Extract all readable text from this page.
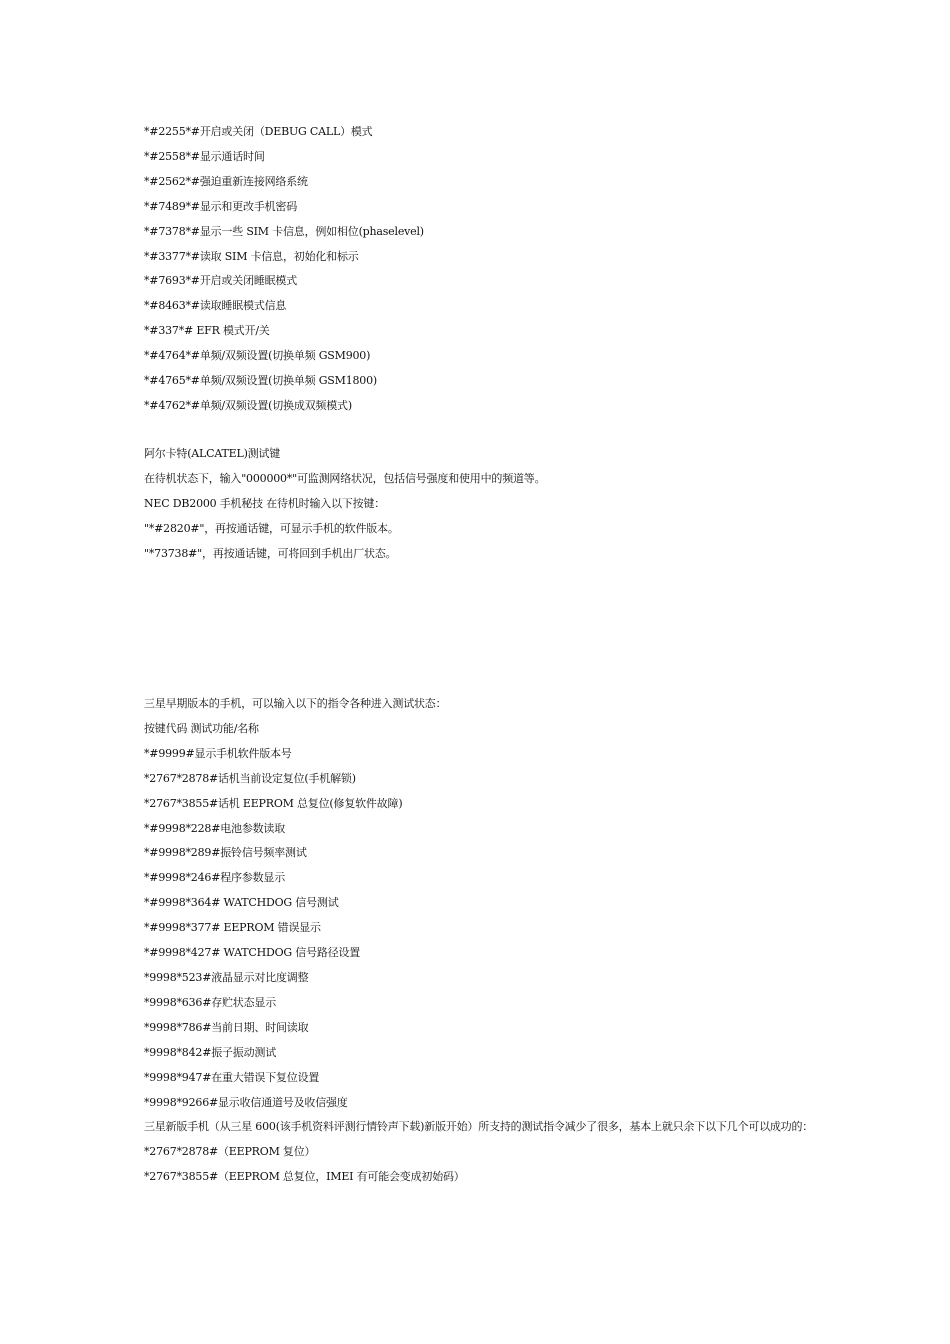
*#2255*#开启或关闭（DEBUG CALL）模式
*#2558*#显示通话时间
*#2562*#强迫重新连接网络系统
*#7489*#显示和更改手机密码
*#7378*#显示一些 SIM 卡信息，例如相位(phaselevel)
*#3377*#读取 SIM 卡信息，初始化和标示
*#7693*#开启或关闭睡眠模式
*#8463*#读取睡眠模式信息
*#337*# EFR 模式开/关
*#4764*#单频/双频设置(切换单频 GSM900)
*#4765*#单频/双频设置(切换单频 GSM1800)
*#4762*#单频/双频设置(切换成双频模式)
阿尔卡特(ALCATEL)测试键
在待机状态下，输入"000000*"可监测网络状况，包括信号强度和使用中的频道等。
NEC DB2000 手机秘技 在待机时输入以下按键：
"*#2820#"，再按通话键，可显示手机的软件版本。
"*73738#"，再按通话键，可将回到手机出厂状态。
三星早期版本的手机，可以输入以下的指令各种进入测试状态：
按键代码 测试功能/名称
*#9999#显示手机软件版本号
*2767*2878#话机当前设定复位(手机解锁)
*2767*3855#话机 EEPROM 总复位(修复软件故障)
*#9998*228#电池参数读取
*#9998*289#振铃信号频率测试
*#9998*246#程序参数显示
*#9998*364# WATCHDOG 信号测试
*#9998*377# EEPROM 错误显示
*#9998*427# WATCHDOG 信号路径设置
*9998*523#液晶显示对比度调整
*9998*636#存贮状态显示
*9998*786#当前日期、时间读取
*9998*842#振子振动测试
*9998*947#在重大错误下复位设置
*9998*9266#显示收信通道号及收信强度
三星新版手机（从三星 600(该手机资料评测行情铃声下载)新版开始）所支持的测试指令减少了很多，基本上就只余下以下几个可以成功的：
*2767*2878#（EEPROM 复位）
*2767*3855#（EEPROM 总复位，IMEI 有可能会变成初始码）
